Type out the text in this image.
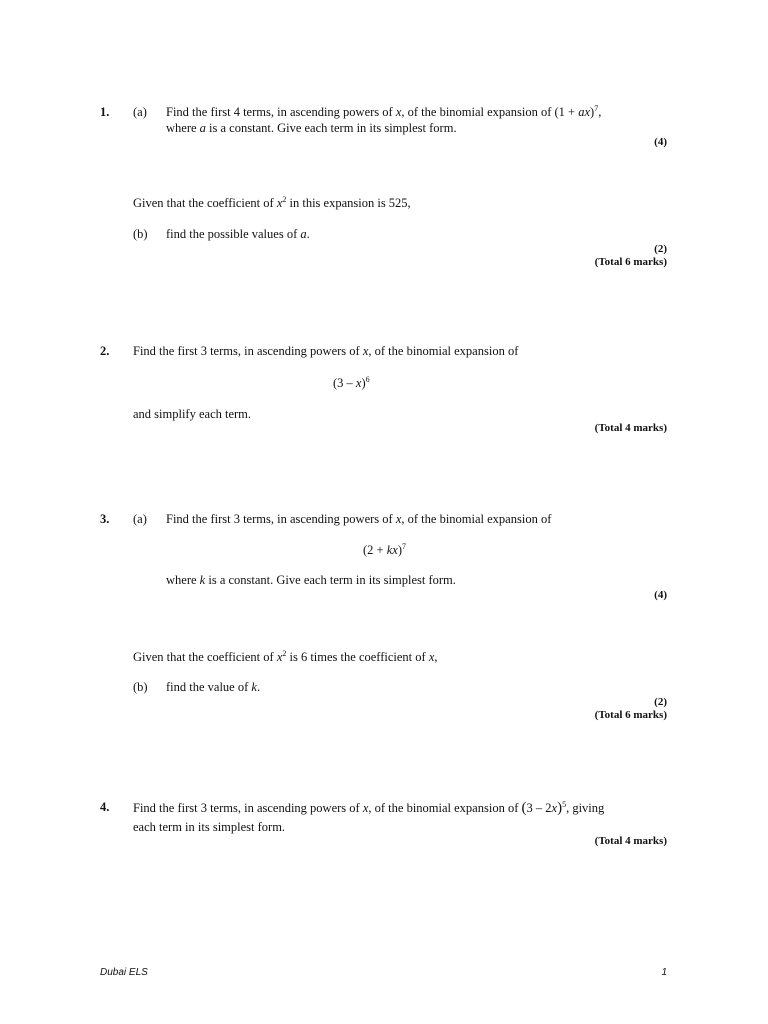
1. (a) Find the first 4 terms, in ascending powers of x, of the binomial expansion of (1 + ax)$^7$,
where a is a constant. Give each term in its simplest form.
(4)
Given that the coefficient of $x^2$ in this expansion is 525,
(b) find the possible values of a.
(2)
(Total 6 marks)
2. Find the first 3 terms, in ascending powers of x, of the binomial expansion of
(3 – x)$^6$
and simplify each term.
(Total 4 marks)
3. (a) Find the first 3 terms, in ascending powers of x, of the binomial expansion of
(2 + kx)$^7$
where k is a constant. Give each term in its simplest form.
(4)
Given that the coefficient of $x^2$ is 6 times the coefficient of x,
(b) find the value of k.
(2)
(Total 6 marks)
4. Find the first 3 terms, in ascending powers of x, of the binomial expansion of (3 – 2x)$^5$, giving
each term in its simplest form.
(Total 4 marks)
Dubai ELS	1
